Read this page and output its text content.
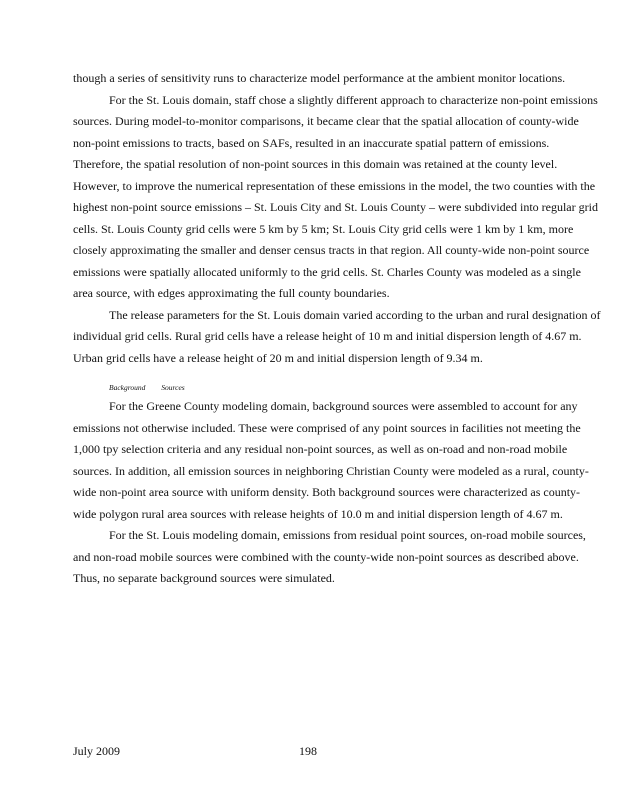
though a series of sensitivity runs to characterize model performance at the ambient monitor locations.

For the St. Louis domain, staff chose a slightly different approach to characterize non-point emissions sources. During model-to-monitor comparisons, it became clear that the spatial allocation of county-wide non-point emissions to tracts, based on SAFs, resulted in an inaccurate spatial pattern of emissions. Therefore, the spatial resolution of non-point sources in this domain was retained at the county level. However, to improve the numerical representation of these emissions in the model, the two counties with the highest non-point source emissions – St. Louis City and St. Louis County – were subdivided into regular grid cells. St. Louis County grid cells were 5 km by 5 km; St. Louis City grid cells were 1 km by 1 km, more closely approximating the smaller and denser census tracts in that region. All county-wide non-point source emissions were spatially allocated uniformly to the grid cells. St. Charles County was modeled as a single area source, with edges approximating the full county boundaries.

The release parameters for the St. Louis domain varied according to the urban and rural designation of individual grid cells. Rural grid cells have a release height of 10 m and initial dispersion length of 4.67 m. Urban grid cells have a release height of 20 m and initial dispersion length of 9.34 m.

Background Sources

For the Greene County modeling domain, background sources were assembled to account for any emissions not otherwise included. These were comprised of any point sources in facilities not meeting the 1,000 tpy selection criteria and any residual non-point sources, as well as on-road and non-road mobile sources. In addition, all emission sources in neighboring Christian County were modeled as a rural, county-wide non-point area source with uniform density. Both background sources were characterized as county-wide polygon rural area sources with release heights of 10.0 m and initial dispersion length of 4.67 m.

For the St. Louis modeling domain, emissions from residual point sources, on-road mobile sources, and non-road mobile sources were combined with the county-wide non-point sources as described above. Thus, no separate background sources were simulated.

July 2009	198
